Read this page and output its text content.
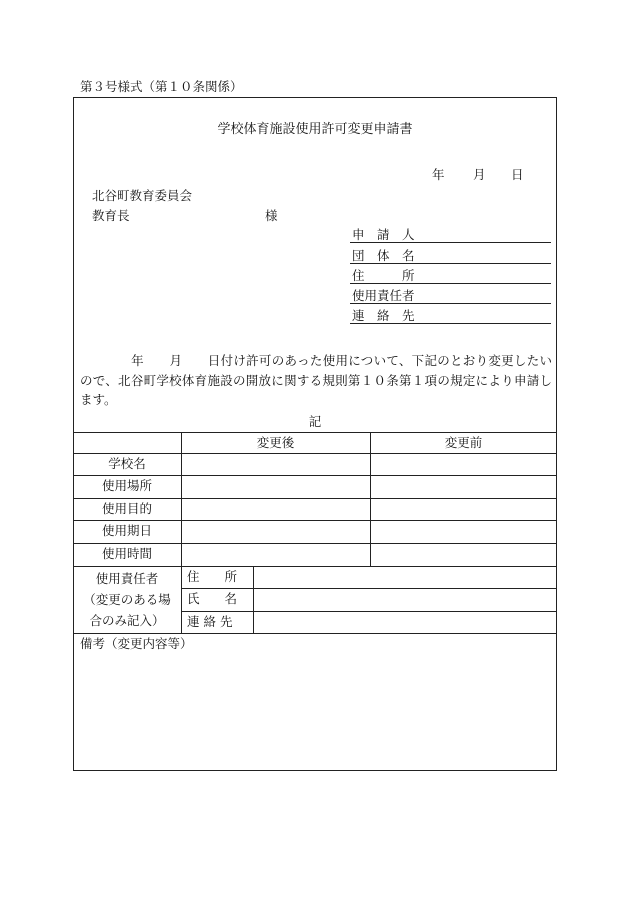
第３号様式（第１０条関係）
学校体育施設使用許可変更申請書
年 月 日
北谷町教育委員会
教育長	様
申　請　人
団　体　名
住　　　所
使用責任者
連　絡　先
　　　　年　　月　　日付け許可のあった使用について、下記のとおり変更したいので、北谷町学校体育施設の開放に関する規則第１０条第１項の規定により申請します。
記
変更後	変更前
学校名
使用場所
使用目的
使用期日
使用時間
使用責任者
（変更のある場
合のみ記入）
住　　所
氏　　名
連 絡 先
備考（変更内容等）
